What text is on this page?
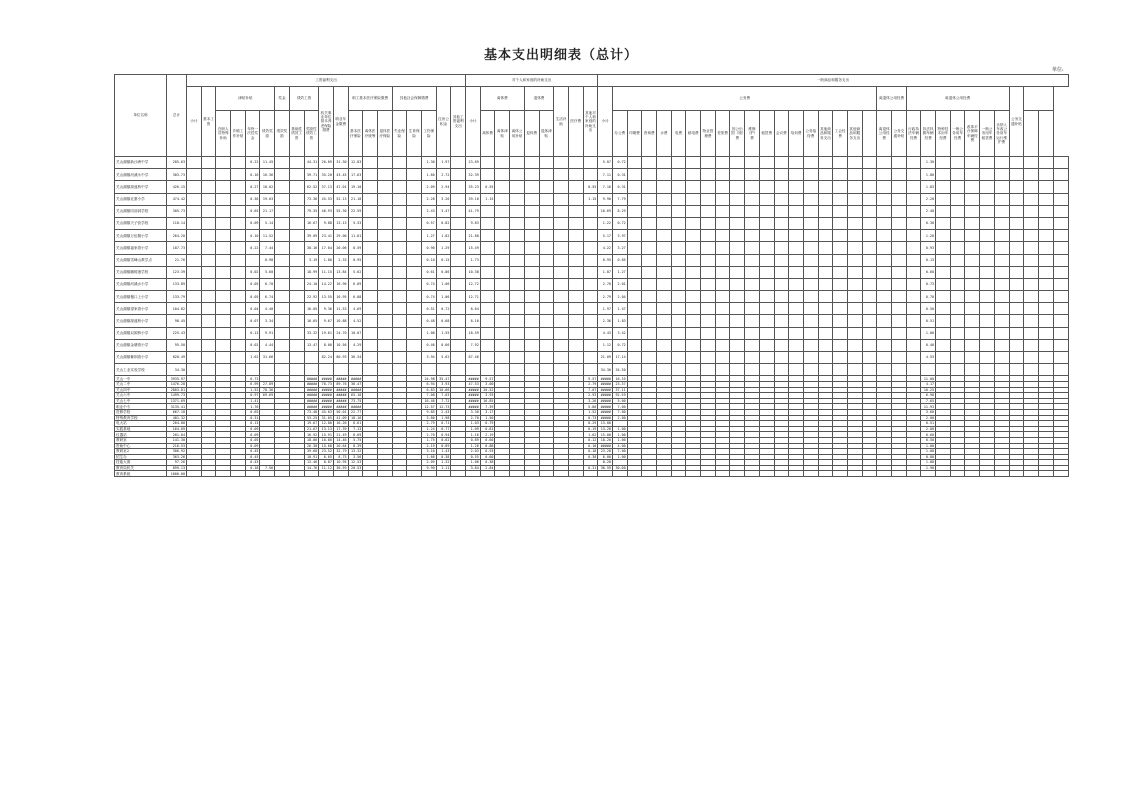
基本支出明细表（总计）
单位:
单位名称	总计	工资福利支出																			对个人和家庭的补助支出									一般商品和服务支出																															
		小计	基本工资	津贴补贴				奖金	绩效工资		机关事业单位基本养老保险缴费	职业年金缴费	职工基本医疗保险缴费			其他社会保障缴费			住房公积金	其他工资福利支出	小计	离休费			退休费		生活补助	医疗费	其他对个人和家庭的补助支出	小计	公务费																		离退休公用经费		离退休公用经费							公务交通补贴			
				在职人员特殊补助	乡镇工作补贴	年终一次性奖金	绩效奖励	绩效奖励	基础性绩效工资	奖励性绩效工资			基本医疗保险	离休医疗统筹	退休医疗保险	失业保险	生育保险	工伤保险				离休费	离休津贴	离休公用补贴	退休费	退休津贴					办公费	印刷费	咨询费	水费	电费	邮电费	物业管理费	差旅费	因公出国（境）费	维修（护）费	租赁费	会议费	培训费	公务接待费	其他商品和服务支出	工会经费	其他商品和服务支出		离退休公用经费	公务交通补贴	行政执法车辆经费	执法执勤车辆经费	特种技术用车经费	一般公务用车经费	改革平台保障车辆经费	一般公务用车租赁费	未纳入车改公务用车运行维护费				
关山湖镇新沙洲中学	285.63					0.22	11.45			44.31	26.09	31.30	12.83					1.30	1.97		23.69									5.07	0.72																					1.30									
关山湖镇河溪永中学	303.73					0.16	16.36			39.71	35.20	43.45	17.63					1.60	2.72		32.39									7.11	0.31																					1.80									
关山湖镇源盛桥中学	426.15					0.27	18.02			62.52	37.13	47.01	19.10					2.09	2.94		35.23	0.55							0.55	7.16	0.31																					1.83									
关山湖镇北寨小学	474.42					0.36	19.03			73.36	45.53	52.13	21.18					2.28	3.26		39.10	1.15							1.15	9.90	7.79																					2.20									
关山湖镇同前洞学校	305.73					0.65	21.17			79.35	46.93	55.30	22.59					2.43	3.47		41.79									10.69	8.29																					2.40									
关山湖镇天子营学校	118.14					0.09	5.14			16.67	9.88	13.13	5.33					0.57	0.82		9.83									1.22	0.72																					0.30									
关山湖镇万伍堰小学	264.20					0.10	11.52			39.09	23.41	29.06	11.81					1.27	1.82		21.80									5.17	3.97																					1.20									
关山湖镇福家湾小学	187.73					0.22	7.44			30.16	17.04	20.06	8.59					0.90	1.29		15.49									4.22	3.27																					0.93									
关山湖镇雪峰山教学点	21.76						0.98			3.19	1.80	2.33	0.95					0.10	0.15		1.73									0.95	0.85																					0.13									
关山湖镇鹏树港学校	123.39					0.02	5.60			18.99	11.15	13.84	5.62					0.61	0.86		10.38									1.87	1.27																					0.60									
关山湖镇河溪水小学	133.89					0.05	6.70			24.10	14.22	16.96	6.89					0.74	1.06		12.72									2.70	2.01																					0.73									
关山湖镇檀口上小学	133.79					0.05	6.74			22.92	13.55	16.95	6.88					0.74	1.06		12.71									2.79	2.04																					0.70									
关山湖镇望家湾小学	104.82					0.04	4.40			16.05	9.36	11.53	4.69					0.51	0.72		8.64									1.97	1.47																					0.50									
关山湖镇源盛桥小学	98.45					0.07	3.34			16.65	9.67	10.88	4.52					0.48	0.68		8.16									2.36	1.83																					0.51									
关山湖镇双源桥小学	225.43					0.13	9.91			33.32	19.61	24.70	10.07					1.08	1.55		18.59									4.43	3.42																					1.00									
关山湖镇金塘湾小学	95.50					0.02	4.44			13.47	8.00	10.56	4.29					0.46	0.66		7.92									1.12	0.72																					0.40									
关山湖镇紫荆湾小学	820.49					1.62	31.66				82.24	80.93	36.34					3.94	5.62		67.46									21.09	17.14																					4.53									
关山工业实验学校	34.30																													34.30	34.30																														
关山一中	3935.97					6.73				#####	#####	#####	#####					24.98	35.47		#####	9.57							9.57	#####	16.35																					11.00									
关山二中	1476.28					6.99	27.89			#####	78.73	89.76	36.47					6.94	3.93		47.53	3.00							2.79	#####	23.37																					4.17									
关山四中	2803.81					1.52	78.36			#####	#####	#####	#####					6.83	10.66		#####	20.52							7.07	#####	37.11																					10.25									
关山六中	1499.73					0.97	69.69			#####	#####	#####	65.18					7.08	7.03		#####	3.93							2.93	#####	92.59																					6.90									
关山七中	1371.69					1.41				#####	#####	#####	73.75					16.46	7.72		#####	16.85							3.26	#####	5.00																					7.65									
职业中专	3135.41					1.76				#####	#####	#####	#####					12.57	12.73		#####	7.39							5.80	#####	7.00																					11.93									
进修学校	667.18					0.65				73.48	45.63	50.01	22.77					9.85	2.43		3.30	3.17							1.52	#####	7.00																					3.60									
特殊教育学校	401.32					0.31				53.25	31.05	41.09	18.16					3.80	1.98		2.70	1.50							0.73	#####	2.00																					2.00									
电大站	264.80					0.13				19.67	12.00	16.26	6.61					2.79	0.71		1.03	0.79							0.29	13.00																						0.51									
实践基地	164.09					0.09				21.67	13.13	17.39	7.13					1.24	0.77		1.09	0.81							0.19	13.28	1.00																					2.00									
仪器站	201.04					0.09				16.92	15.91	21.49	8.69					2.70	0.94		1.16	2.19							1.62	15.00	1.00																					0.60									
教研室	141.30					0.05				18.06	10.80	14.46	5.75					1.75	0.62		0.89	0.60							0.12	18.20	1.00																					0.50									
资助中心	216.53					0.09				26.30	15.68	20.64	8.39					2.19	0.89		1.26	0.88							0.16	#####	4.00																					1.00									
教研室2	306.92					0.45				39.68	23.52	32.79	13.32					3.16	1.43		2.03	0.93							0.18	23.28	7.00																					1.00									
招生办	363.26					0.45				10.91	6.65	8.75	3.56					1.66	0.38		0.55	0.60							0.30	6.00	1.00																					0.80									
技能大赛	97.26					0.43				13.46	8.87	10.95	12.53					2.09	1.32		1.06	0.38								8.28																						1.00									
教育局机关	899.13					0.18	7.56			14.76	11.12	30.59	20.53					9.90	1.11		3.84	2.84							0.31	36.59	30.00																					1.90									
教育系统	1600.00																																																												
